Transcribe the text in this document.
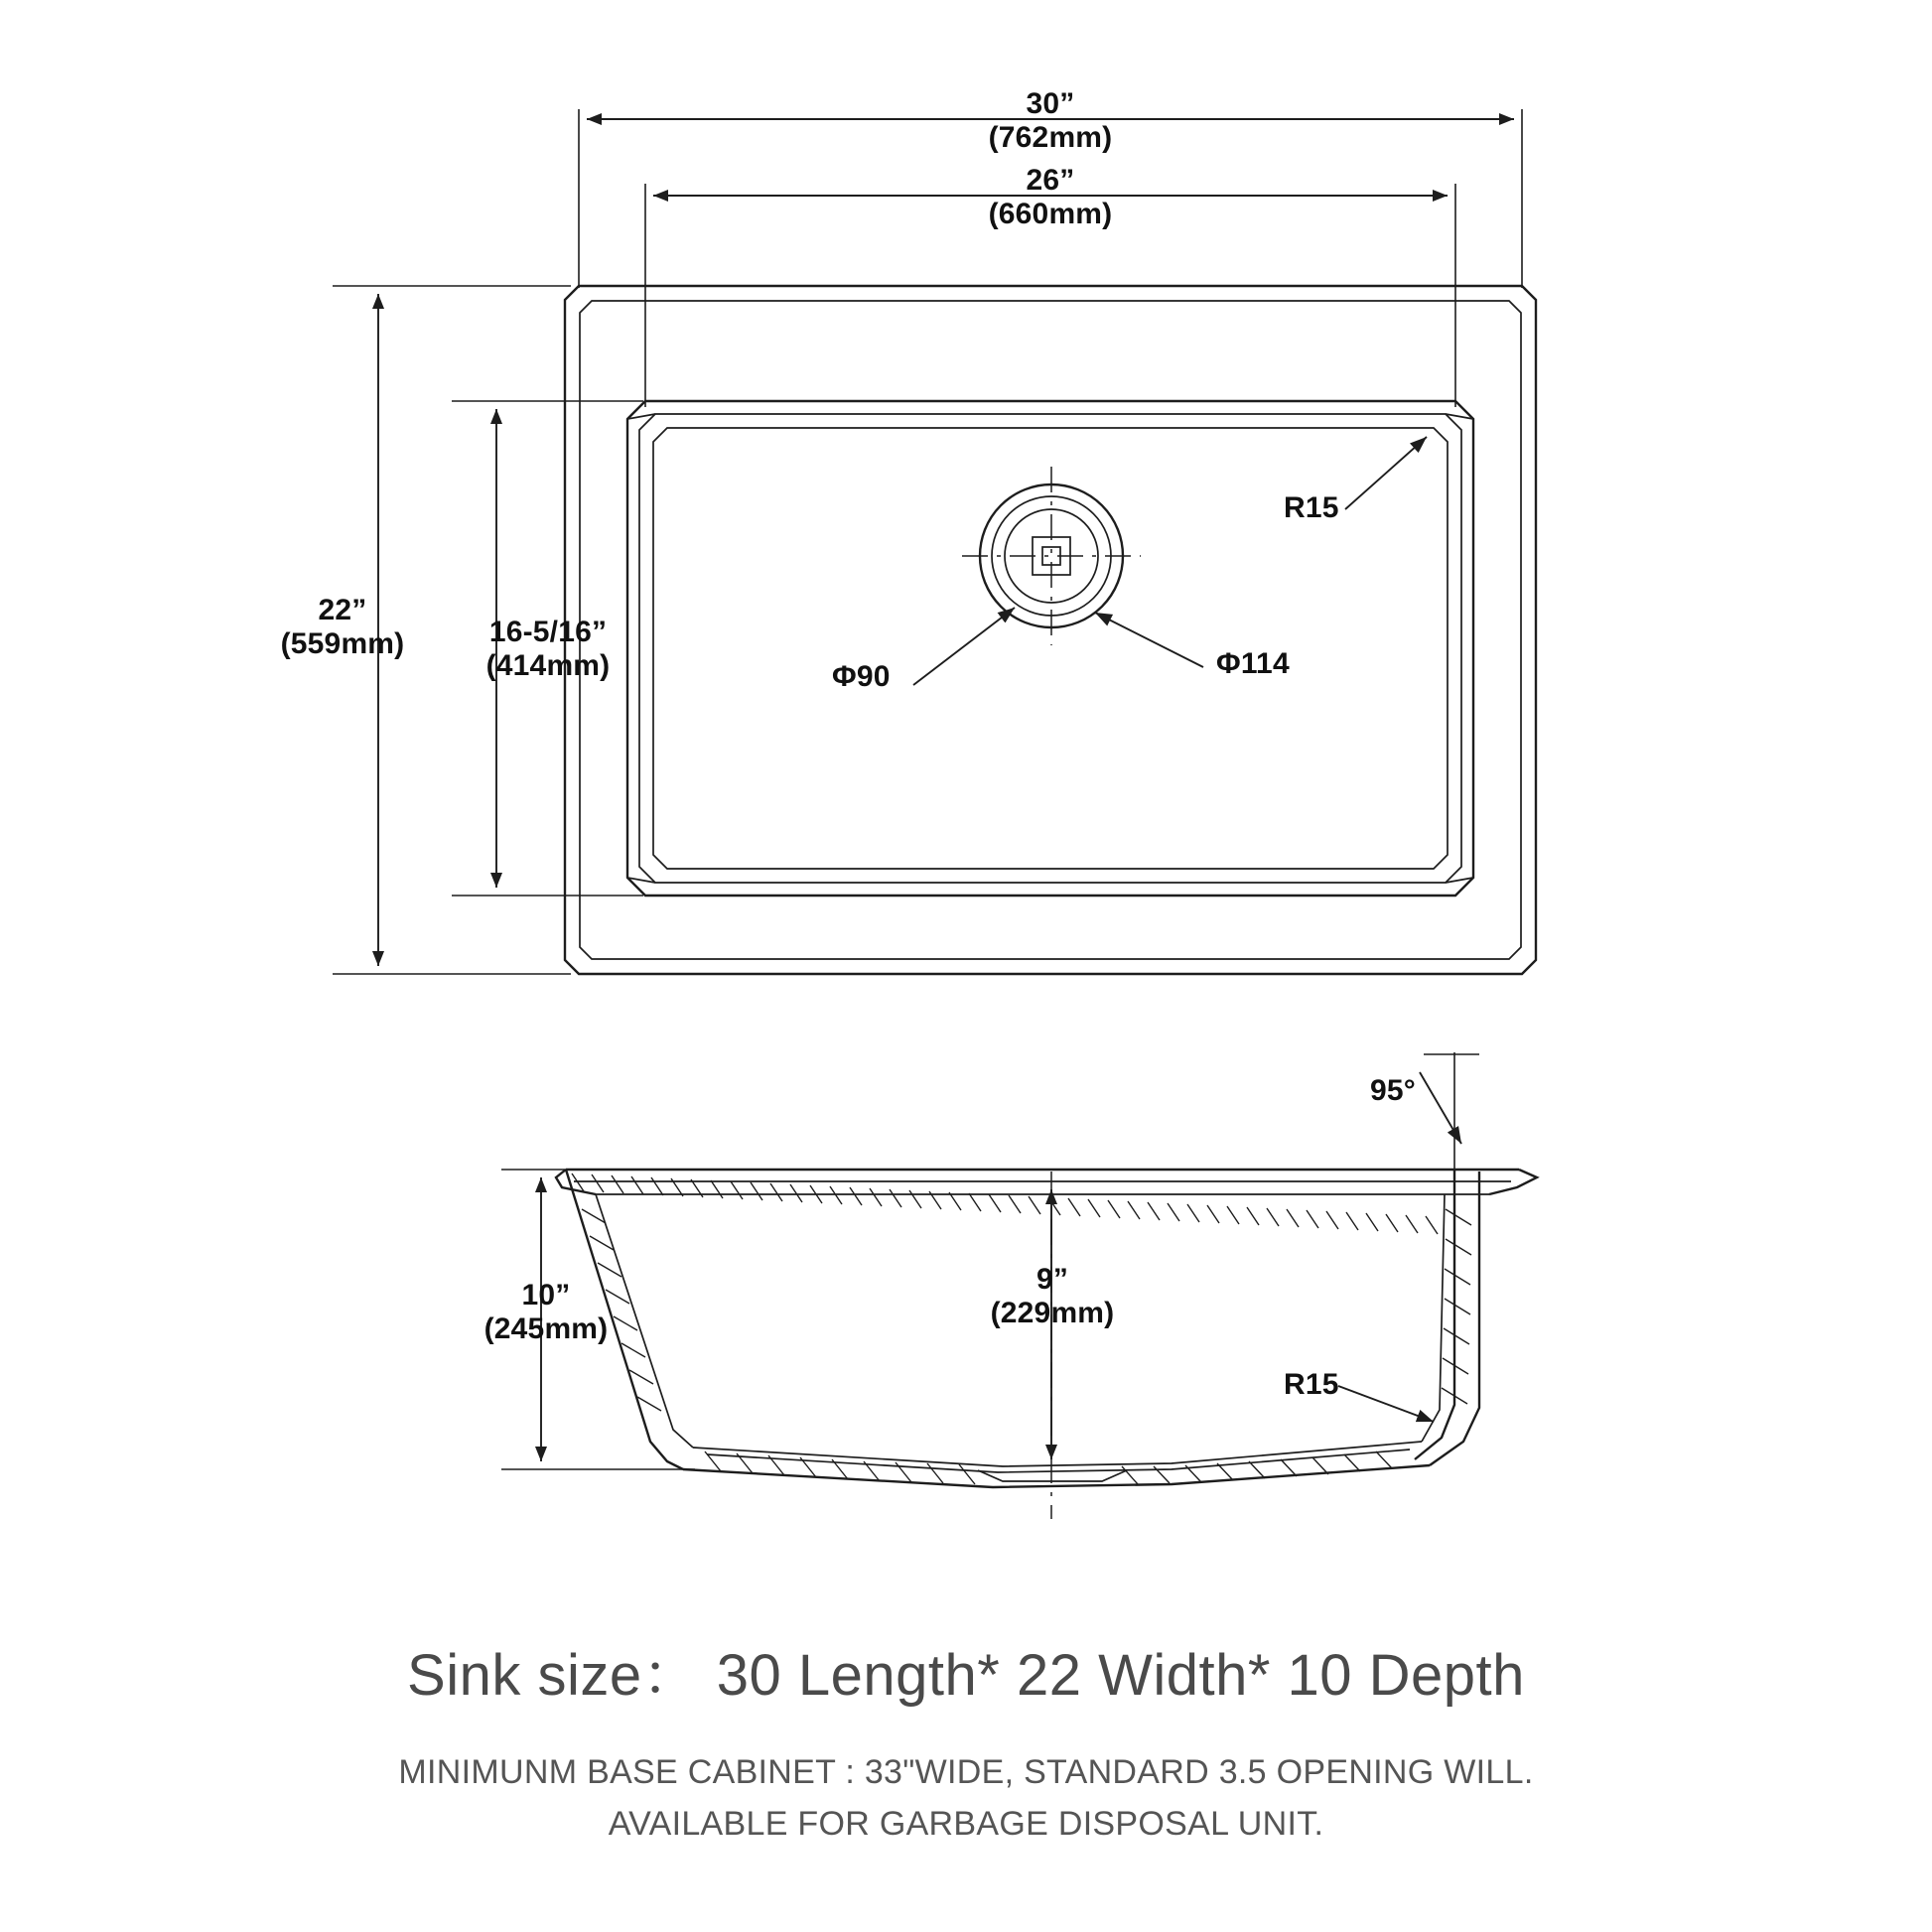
30”
(762mm)
26”
(660mm)
22”
(559mm)	16-5/16”
(414mm)
R15
Φ90	Φ114
10”
(245mm)
9”
(229mm)
95°
R15
Sink size： 30 Length* 22 Width* 10 Depth
MINIMUNM BASE CABINET : 33"WIDE, STANDARD 3.5 OPENING WILL.
AVAILABLE FOR GARBAGE DISPOSAL UNIT.
